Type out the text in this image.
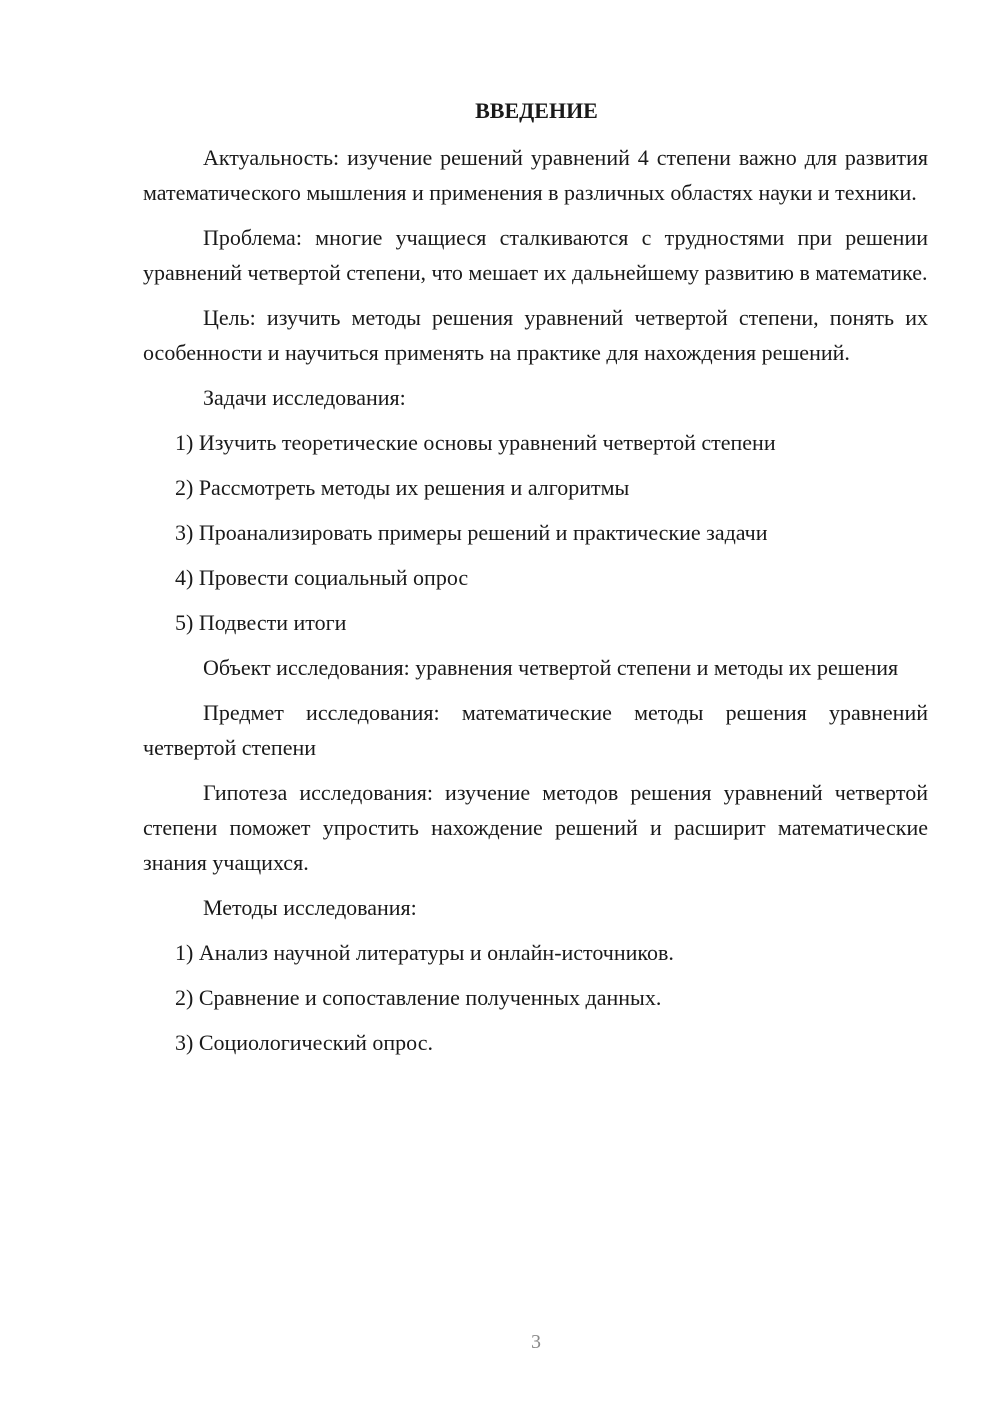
ВВЕДЕНИЕ

Актуальность: изучение решений уравнений 4 степени важно для развития математического мышления и применения в различных областях науки и техники.

Проблема: многие учащиеся сталкиваются с трудностями при решении уравнений четвертой степени, что мешает их дальнейшему развитию в математике.

Цель: изучить методы решения уравнений четвертой степени, понять их особенности и научиться применять на практике для нахождения решений.

Задачи исследования:

1) Изучить теоретические основы уравнений четвертой степени
2) Рассмотреть методы их решения и алгоритмы
3) Проанализировать примеры решений и практические задачи
4) Провести социальный опрос
5) Подвести итоги

Объект исследования: уравнения четвертой степени и методы их решения

Предмет исследования: математические методы решения уравнений четвертой степени

Гипотеза исследования: изучение методов решения уравнений четвертой степени поможет упростить нахождение решений и расширит математические знания учащихся.

Методы исследования:

1) Анализ научной литературы и онлайн-источников.
2) Сравнение и сопоставление полученных данных.
3) Социологический опрос.
3
